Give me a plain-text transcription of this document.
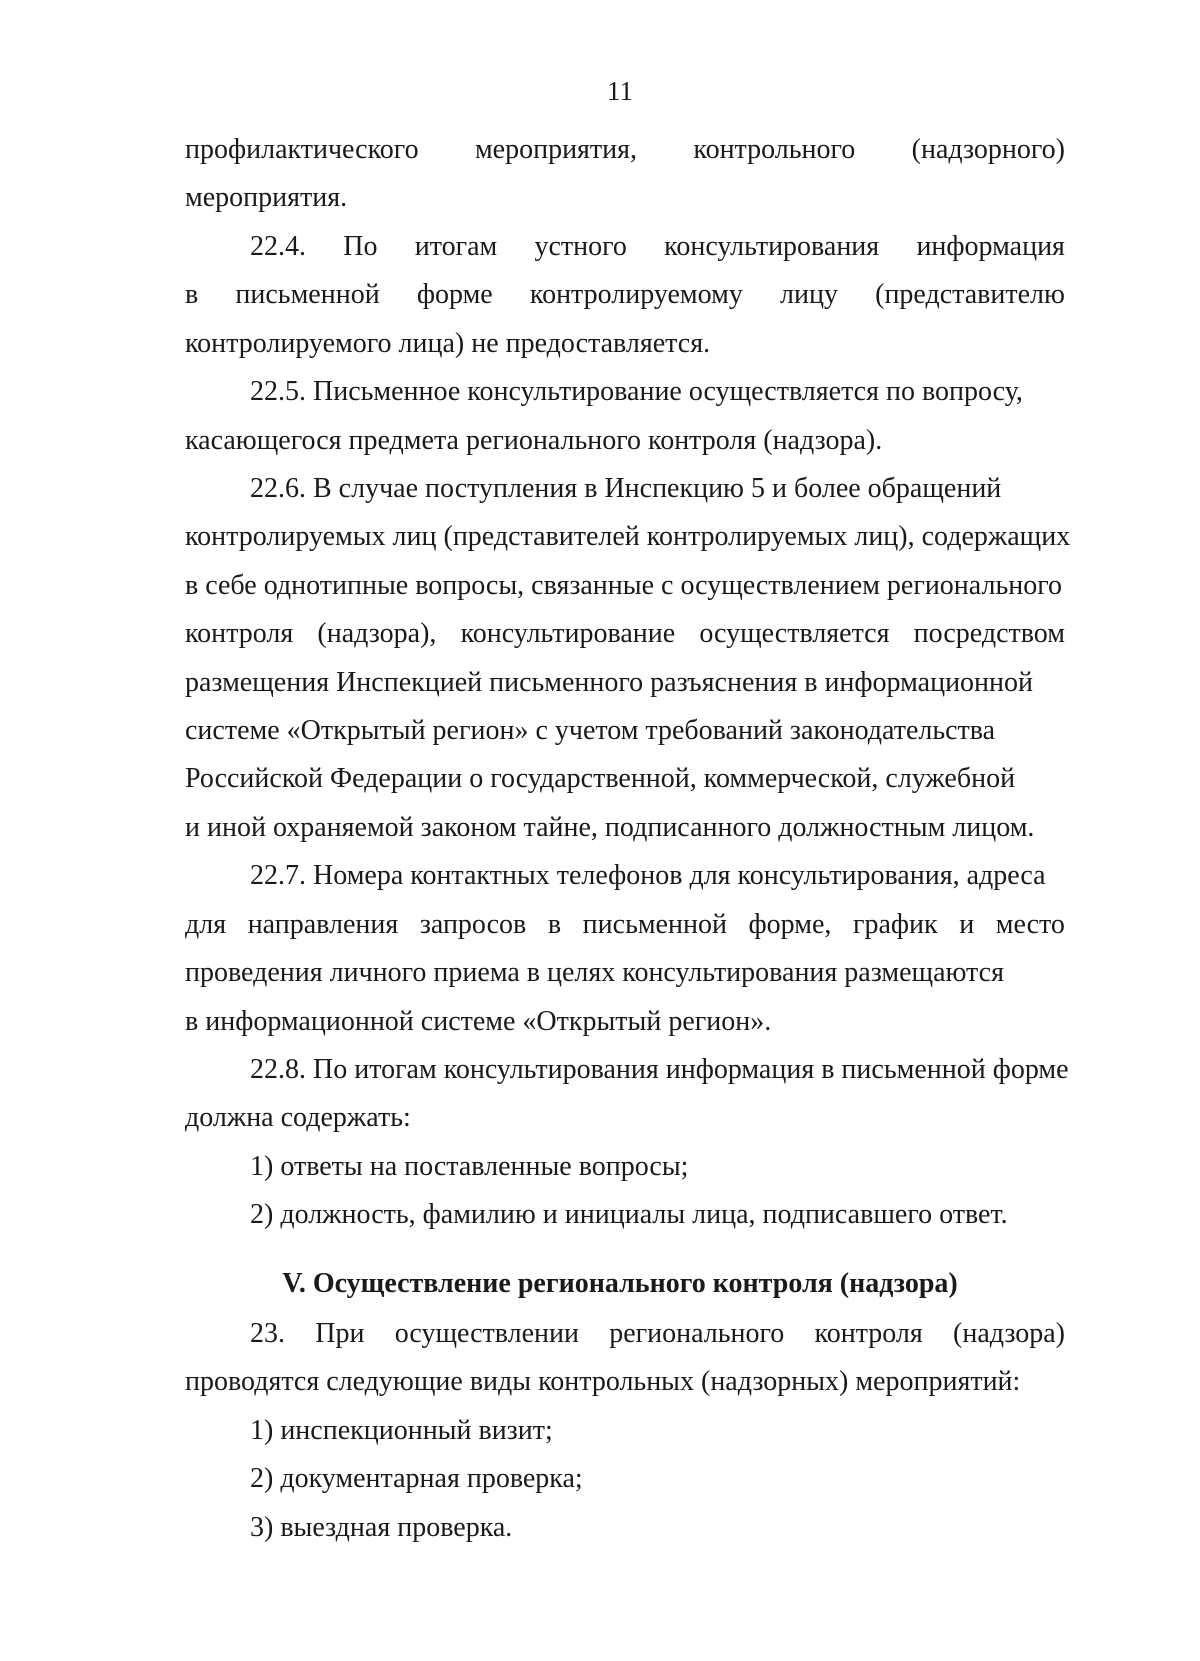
11
профилактического мероприятия, контрольного (надзорного)
мероприятия.
22.4. По итогам устного консультирования информация
в письменной форме контролируемому лицу (представителю
контролируемого лица) не предоставляется.
22.5. Письменное консультирование осуществляется по вопросу,
касающегося предмета регионального контроля (надзора).
22.6. В случае поступления в Инспекцию 5 и более обращений
контролируемых лиц (представителей контролируемых лиц), содержащих
в себе однотипные вопросы, связанные с осуществлением регионального
контроля (надзора), консультирование осуществляется посредством
размещения Инспекцией письменного разъяснения в информационной
системе «Открытый регион» с учетом требований законодательства
Российской Федерации о государственной, коммерческой, служебной
и иной охраняемой законом тайне, подписанного должностным лицом.
22.7. Номера контактных телефонов для консультирования, адреса
для направления запросов в письменной форме, график и место
проведения личного приема в целях консультирования размещаются
в информационной системе «Открытый регион».
22.8. По итогам консультирования информация в письменной форме
должна содержать:
1) ответы на поставленные вопросы;
2) должность, фамилию и инициалы лица, подписавшего ответ.
V. Осуществление регионального контроля (надзора)
23. При осуществлении регионального контроля (надзора)
проводятся следующие виды контрольных (надзорных) мероприятий:
1) инспекционный визит;
2) документарная проверка;
3) выездная проверка.
